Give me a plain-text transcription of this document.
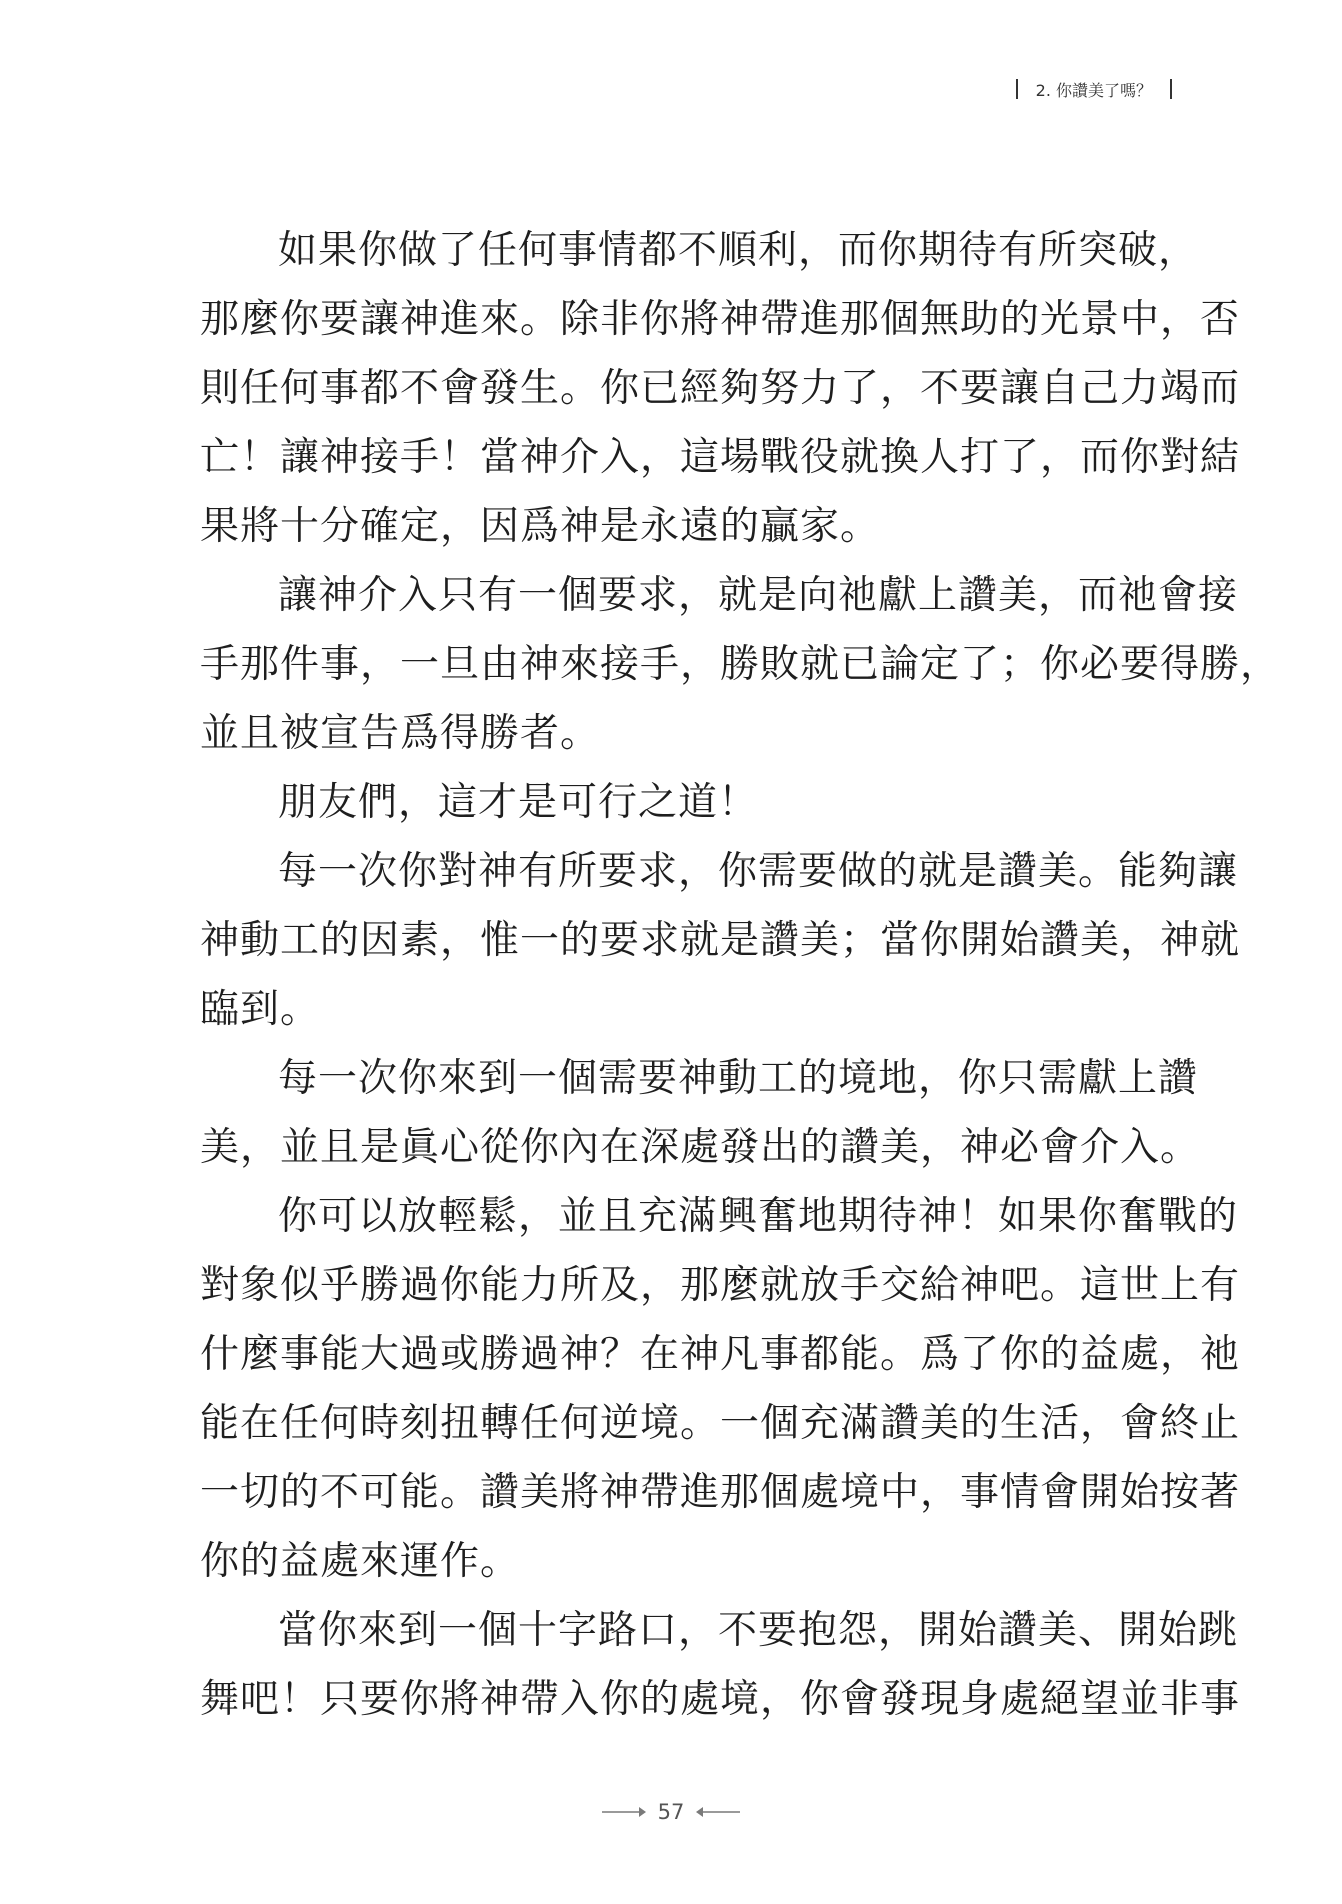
2. 你讚美了嗎？
如果你做了任何事情都不順利，而你期待有所突破，
那麼你要讓神進來。除非你將神帶進那個無助的光景中，否
則任何事都不會發生。你已經夠努力了，不要讓自己力竭而
亡！讓神接手！當神介入，這場戰役就換人打了，而你對結
果將十分確定，因爲神是永遠的贏家。
讓神介入只有一個要求，就是向祂獻上讚美，而祂會接
手那件事，一旦由神來接手，勝敗就已論定了；你必要得勝，
並且被宣告爲得勝者。
朋友們，這才是可行之道！
每一次你對神有所要求，你需要做的就是讚美。能夠讓
神動工的因素，惟一的要求就是讚美；當你開始讚美，神就
臨到。
每一次你來到一個需要神動工的境地，你只需獻上讚
美，並且是眞心從你內在深處發出的讚美，神必會介入。
你可以放輕鬆，並且充滿興奮地期待神！如果你奮戰的
對象似乎勝過你能力所及，那麼就放手交給神吧。這世上有
什麼事能大過或勝過神？在神凡事都能。爲了你的益處，祂
能在任何時刻扭轉任何逆境。一個充滿讚美的生活，會終止
一切的不可能。讚美將神帶進那個處境中，事情會開始按著
你的益處來運作。
當你來到一個十字路口，不要抱怨，開始讚美、開始跳
舞吧！只要你將神帶入你的處境，你會發現身處絕望並非事
57
